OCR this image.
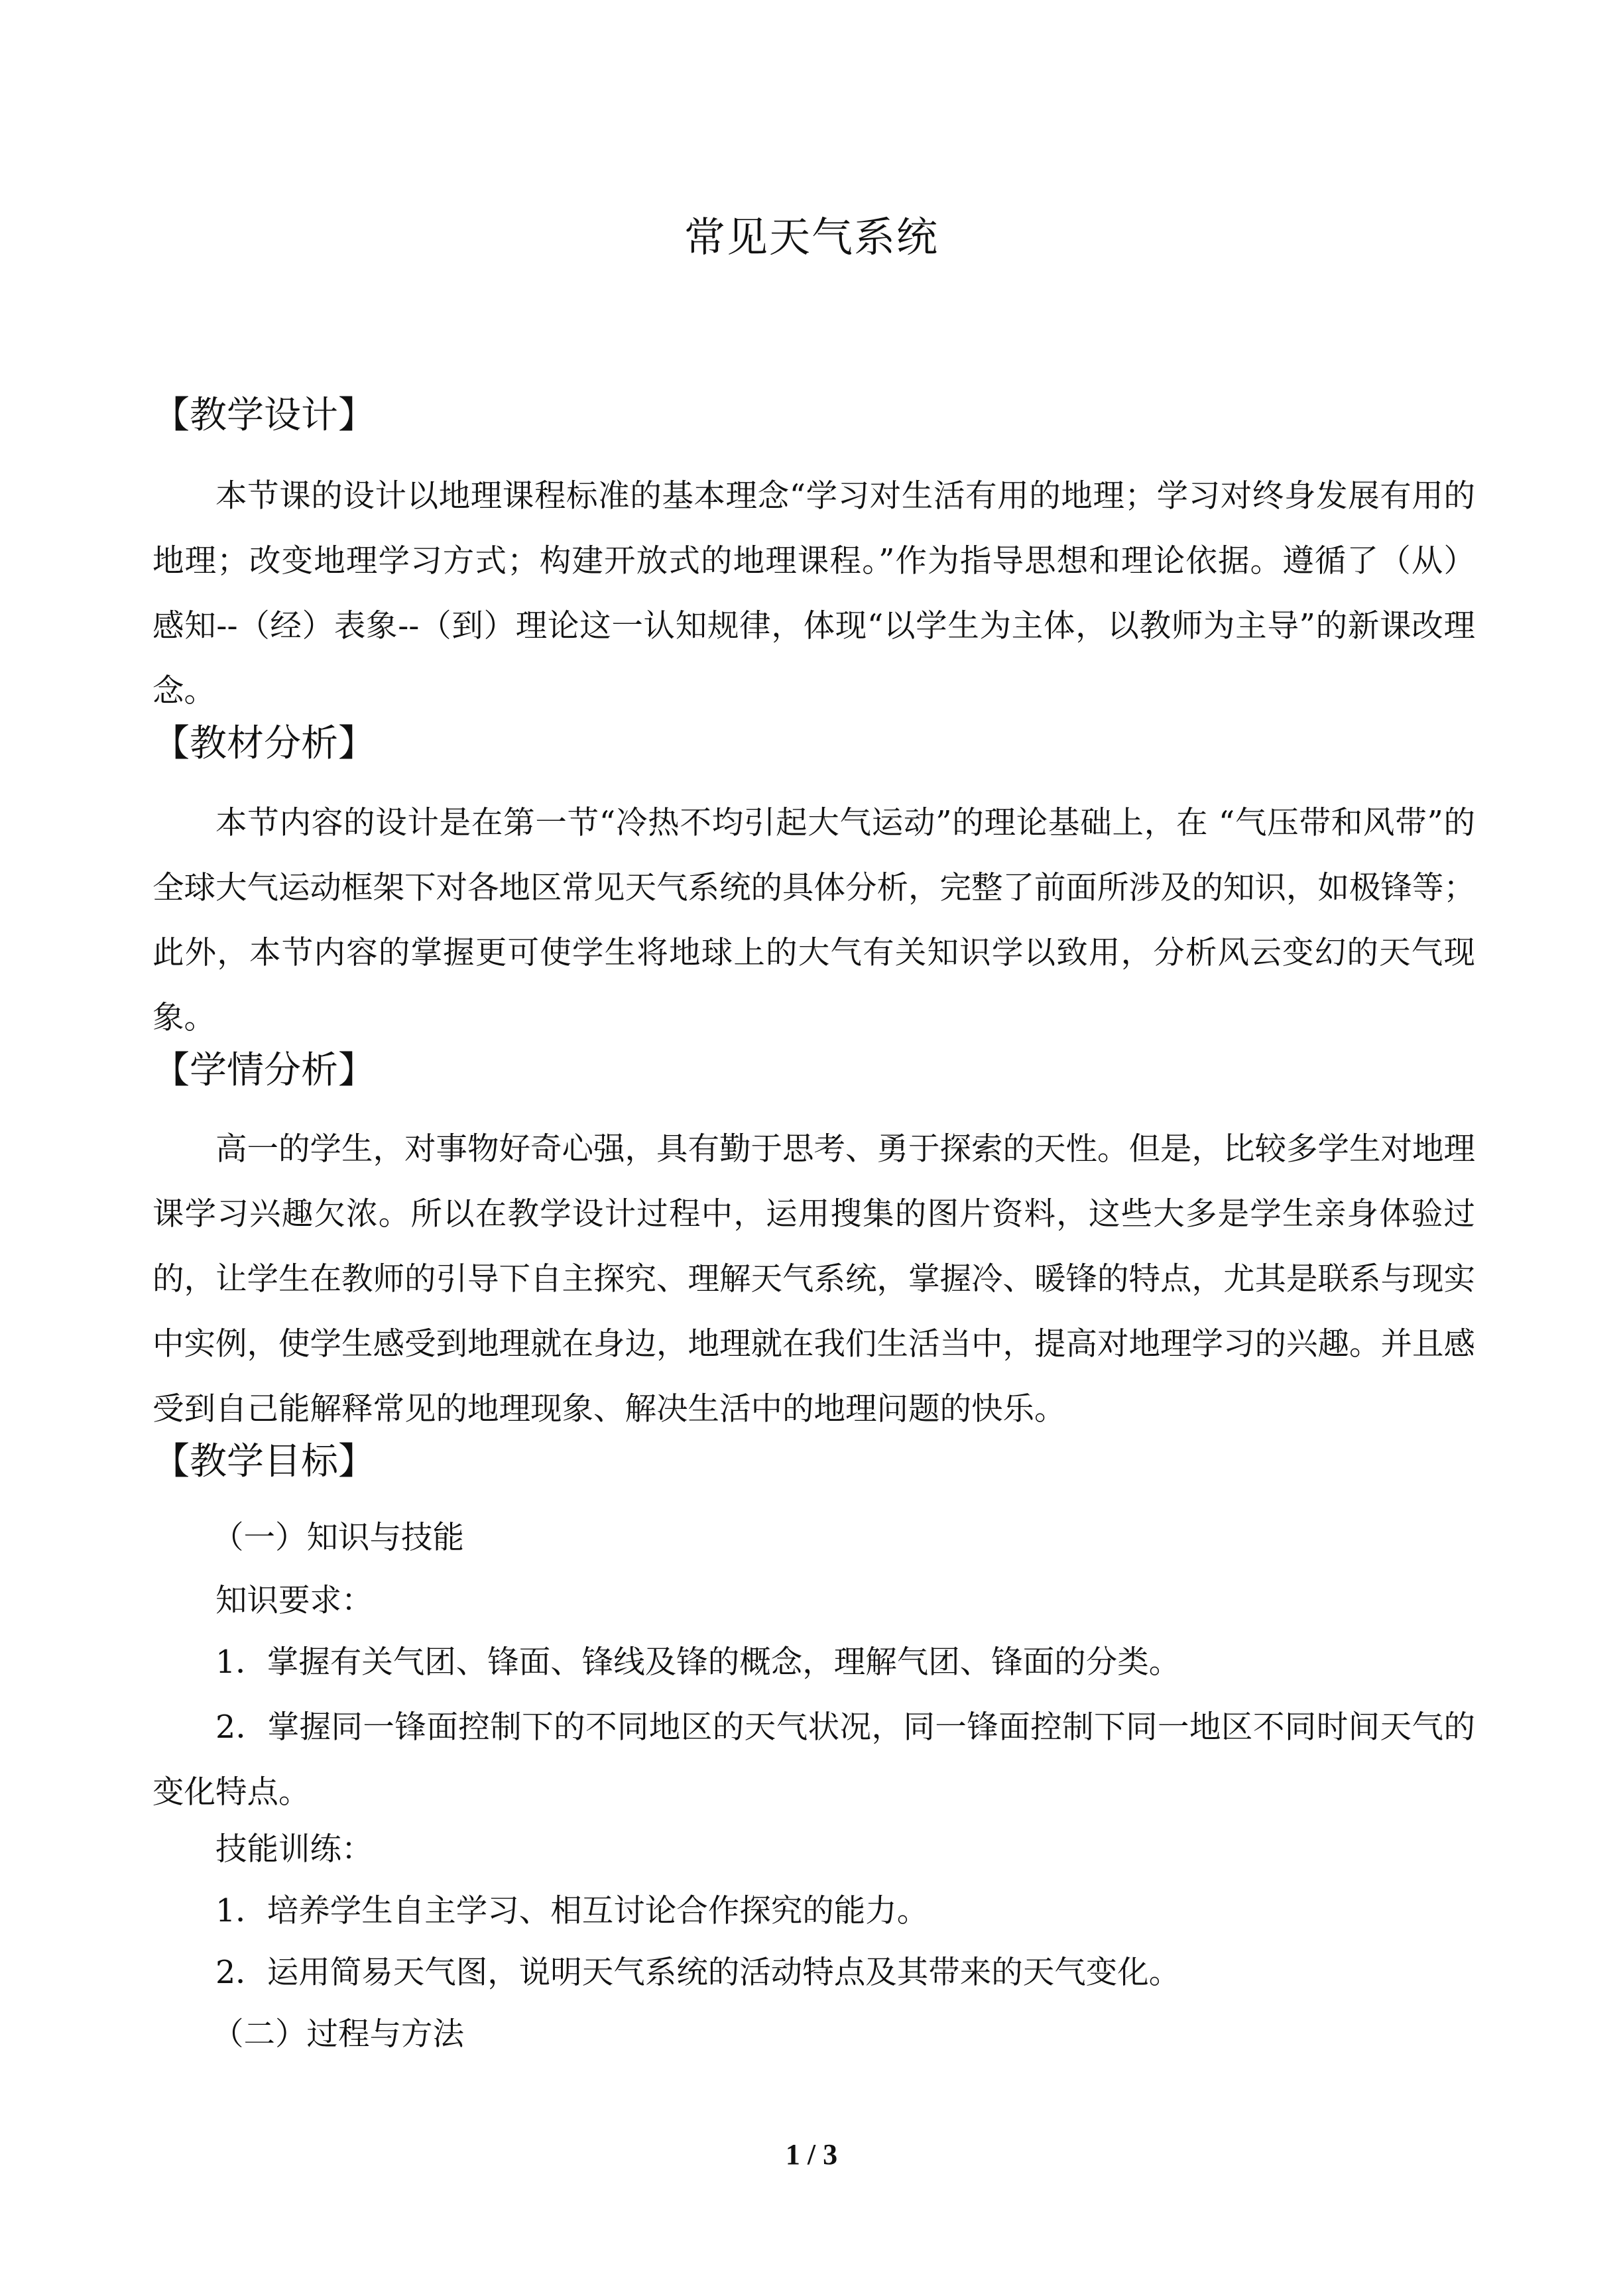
常见天气系统
【教学设计】

本节课的设计以地理课程标准的基本理念“学习对生活有用的地理；学习对终身发展有用的地理；改变地理学习方式；构建开放式的地理课程。”作为指导思想和理论依据。遵循了（从）感知--（经）表象--（到）理论这一认知规律，体现“以学生为主体，以教师为主导”的新课改理念。

【教材分析】

本节内容的设计是在第一节“冷热不均引起大气运动”的理论基础上，在 “气压带和风带”的全球大气运动框架下对各地区常见天气系统的具体分析，完整了前面所涉及的知识，如极锋等；此外，本节内容的掌握更可使学生将地球上的大气有关知识学以致用，分析风云变幻的天气现象。

【学情分析】

高一的学生，对事物好奇心强，具有勤于思考、勇于探索的天性。但是，比较多学生对地理课学习兴趣欠浓。所以在教学设计过程中，运用搜集的图片资料，这些大多是学生亲身体验过的，让学生在教师的引导下自主探究、理解天气系统，掌握冷、暖锋的特点，尤其是联系与现实中实例，使学生感受到地理就在身边，地理就在我们生活当中，提高对地理学习的兴趣。并且感受到自己能解释常见的地理现象、解决生活中的地理问题的快乐。

【教学目标】
（一）知识与技能
知识要求：
1．掌握有关气团、锋面、锋线及锋的概念，理解气团、锋面的分类。

2．掌握同一锋面控制下的不同地区的天气状况，同一锋面控制下同一地区不同时间天气的变化特点。

技能训练：
1．培养学生自主学习、相互讨论合作探究的能力。
2．运用简易天气图，说明天气系统的活动特点及其带来的天气变化。
（二）过程与方法
1 / 3
